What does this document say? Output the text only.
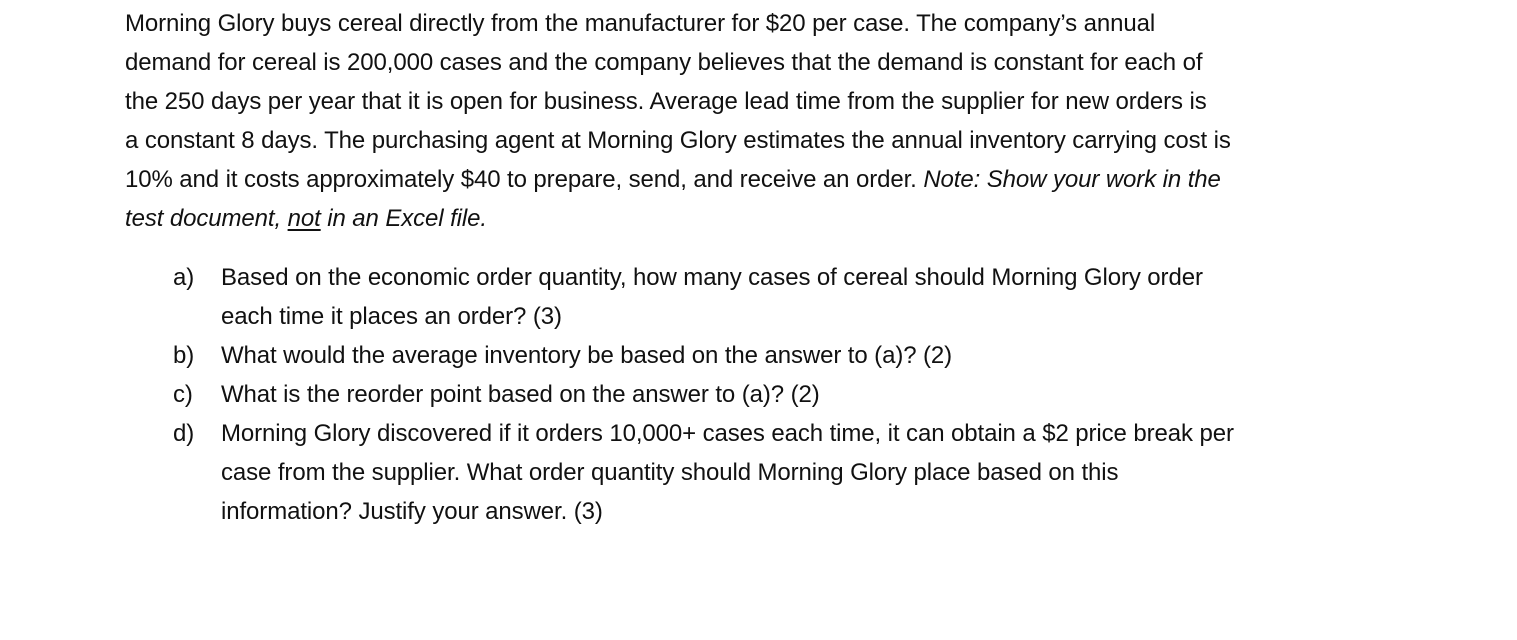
Morning Glory buys cereal directly from the manufacturer for $20 per case. The company’s annual
demand for cereal is 200,000 cases and the company believes that the demand is constant for each of
the 250 days per year that it is open for business. Average lead time from the supplier for new orders is
a constant 8 days. The purchasing agent at Morning Glory estimates the annual inventory carrying cost is
10% and it costs approximately $40 to prepare, send, and receive an order. Note: Show your work in the
test document, not in an Excel file.

a)	Based on the economic order quantity, how many cases of cereal should Morning Glory order
each time it places an order? (3)
b)	What would the average inventory be based on the answer to (a)? (2)
c)	What is the reorder point based on the answer to (a)? (2)
d)	Morning Glory discovered if it orders 10,000+ cases each time, it can obtain a $2 price break per
case from the supplier. What order quantity should Morning Glory place based on this
information? Justify your answer. (3)
